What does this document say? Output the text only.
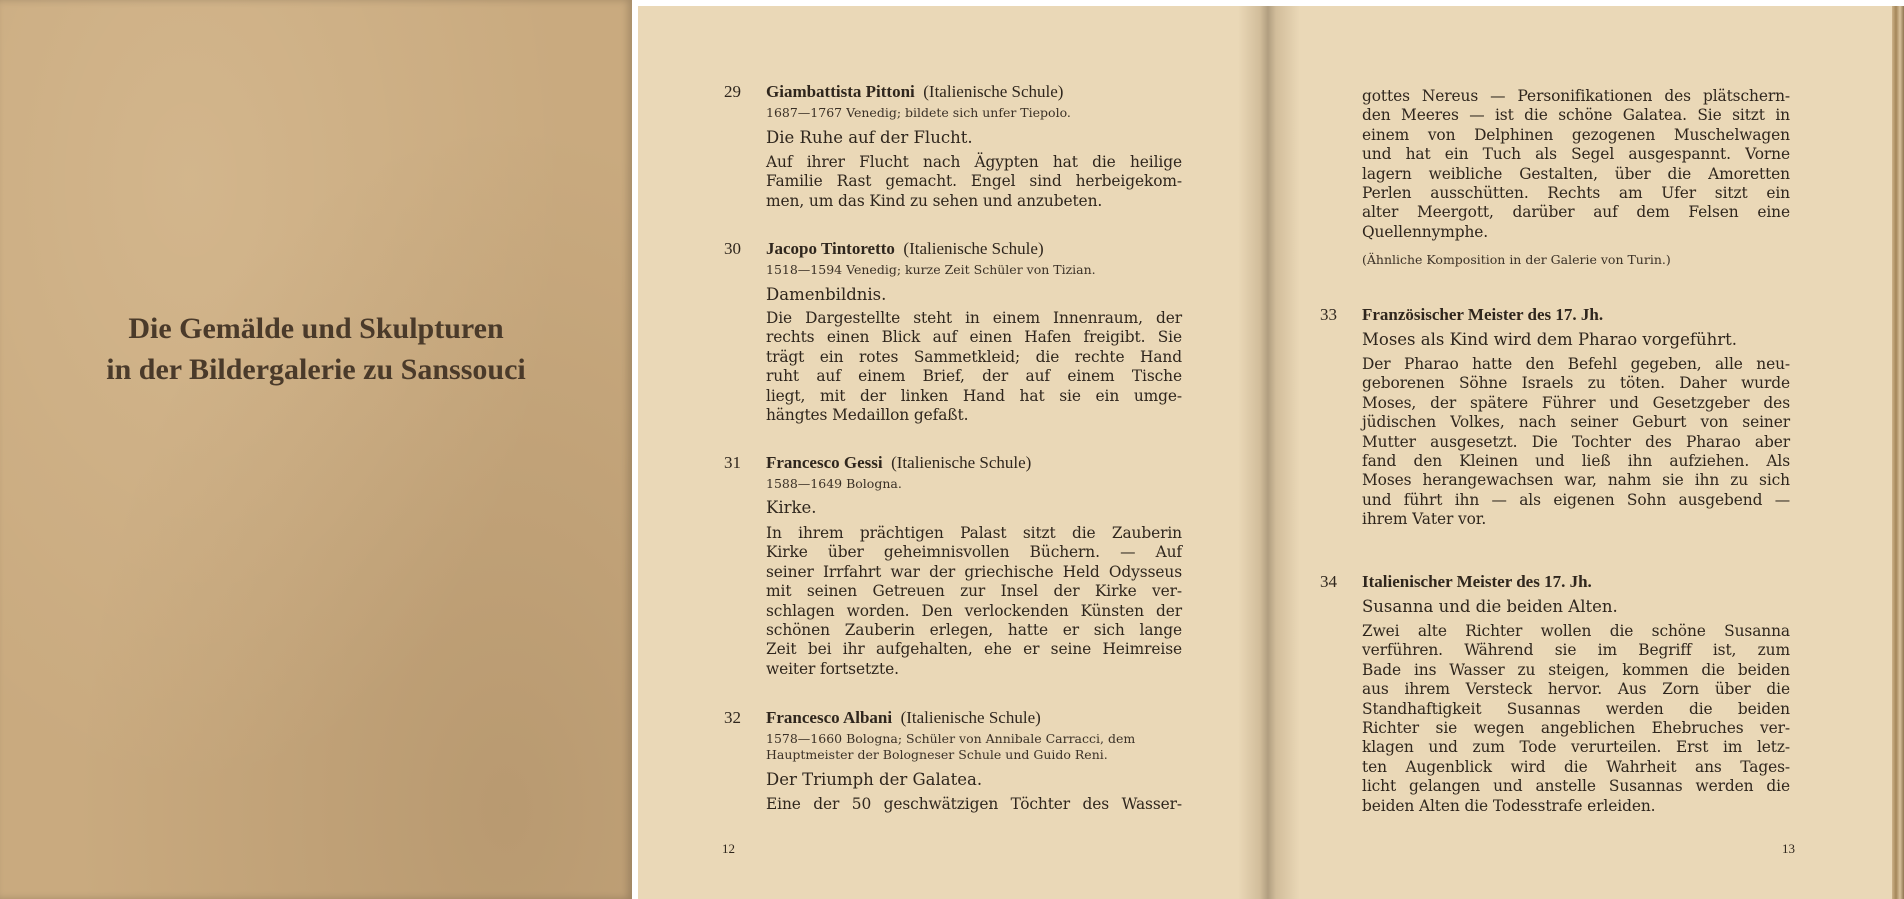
Die Gemälde und Skulpturen
in der Bildergalerie zu Sanssouci
29 Giambattista Pittoni (Italienische Schule)
1687—1767 Venedig; bildete sich unfer Tiepolo.
Die Ruhe auf der Flucht.
Auf ihrer Flucht nach Ägypten hat die heilige
Familie Rast gemacht. Engel sind herbeigekom-
men, um das Kind zu sehen und anzubeten.
30 Jacopo Tintoretto (Italienische Schule)
1518—1594 Venedig; kurze Zeit Schüler von Tizian.
Damenbildnis.
Die Dargestellte steht in einem Innenraum, der
rechts einen Blick auf einen Hafen freigibt. Sie
trägt ein rotes Sammetkleid; die rechte Hand
ruht auf einem Brief, der auf einem Tische
liegt, mit der linken Hand hat sie ein umge-
hängtes Medaillon gefaßt.
31 Francesco Gessi (Italienische Schule)
1588—1649 Bologna.
Kirke.
In ihrem prächtigen Palast sitzt die Zauberin
Kirke über geheimnisvollen Büchern. — Auf
seiner Irrfahrt war der griechische Held Odysseus
mit seinen Getreuen zur Insel der Kirke ver-
schlagen worden. Den verlockenden Künsten der
schönen Zauberin erlegen, hatte er sich lange
Zeit bei ihr aufgehalten, ehe er seine Heimreise
weiter fortsetzte.
32 Francesco Albani (Italienische Schule)
1578—1660 Bologna; Schüler von Annibale Carracci, dem
Hauptmeister der Bologneser Schule und Guido Reni.
Der Triumph der Galatea.
Eine der 50 geschwätzigen Töchter des Wasser-
12
gottes Nereus — Personifikationen des plätschern-
den Meeres — ist die schöne Galatea. Sie sitzt in
einem von Delphinen gezogenen Muschelwagen
und hat ein Tuch als Segel ausgespannt. Vorne
lagern weibliche Gestalten, über die Amoretten
Perlen ausschütten. Rechts am Ufer sitzt ein
alter Meergott, darüber auf dem Felsen eine
Quellennymphe.
(Ähnliche Komposition in der Galerie von Turin.)
33 Französischer Meister des 17. Jh.
Moses als Kind wird dem Pharao vorgeführt.
Der Pharao hatte den Befehl gegeben, alle neu-
geborenen Söhne Israels zu töten. Daher wurde
Moses, der spätere Führer und Gesetzgeber des
jüdischen Volkes, nach seiner Geburt von seiner
Mutter ausgesetzt. Die Tochter des Pharao aber
fand den Kleinen und ließ ihn aufziehen. Als
Moses herangewachsen war, nahm sie ihn zu sich
und führt ihn — als eigenen Sohn ausgebend —
ihrem Vater vor.
34 Italienischer Meister des 17. Jh.
Susanna und die beiden Alten.
Zwei alte Richter wollen die schöne Susanna
verführen. Während sie im Begriff ist, zum
Bade ins Wasser zu steigen, kommen die beiden
aus ihrem Versteck hervor. Aus Zorn über die
Standhaftigkeit Susannas werden die beiden
Richter sie wegen angeblichen Ehebruches ver-
klagen und zum Tode verurteilen. Erst im letz-
ten Augenblick wird die Wahrheit ans Tages-
licht gelangen und anstelle Susannas werden die
beiden Alten die Todesstrafe erleiden.
13
